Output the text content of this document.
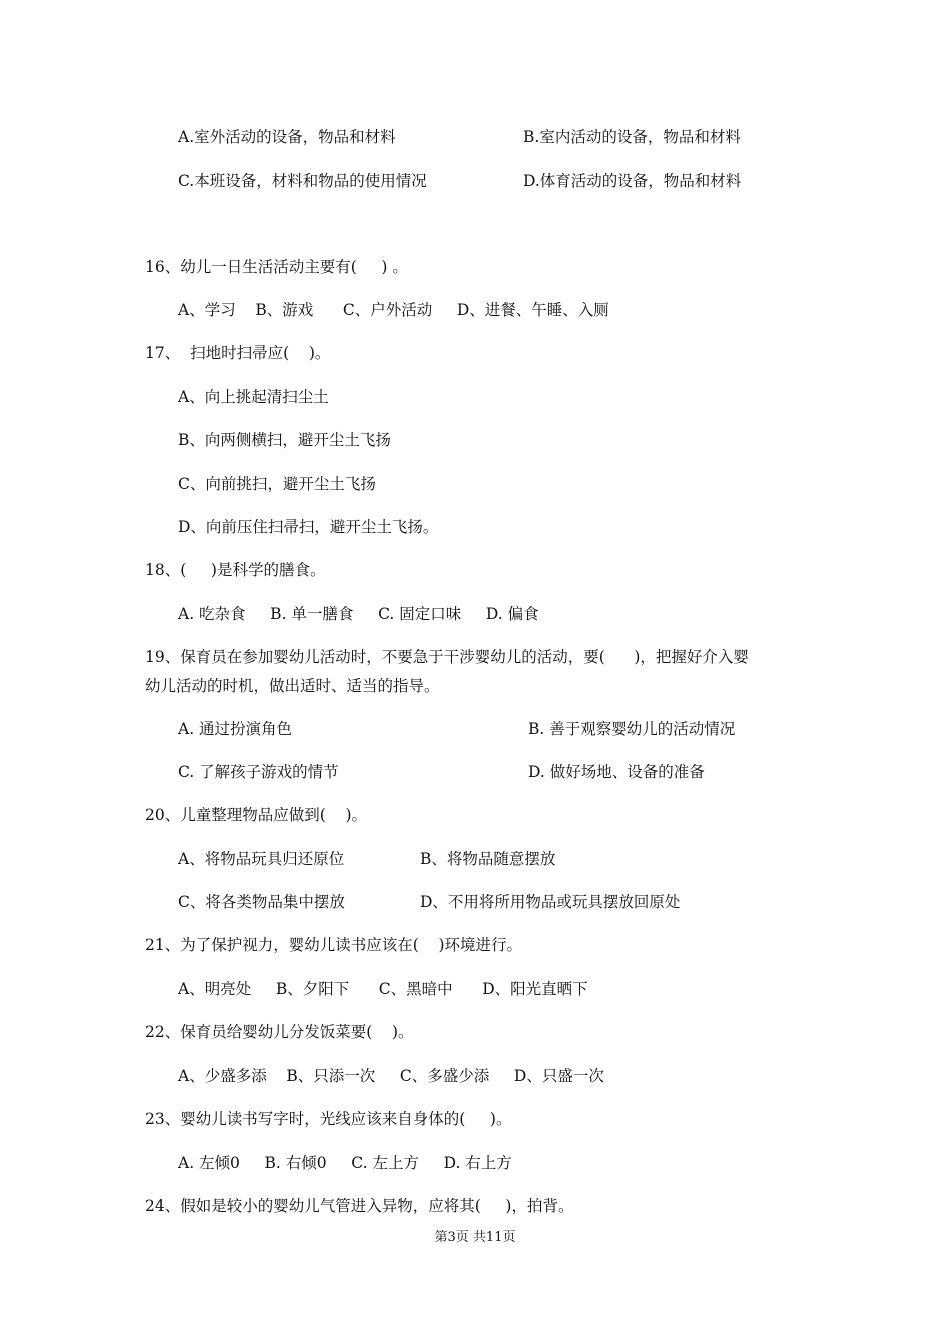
A.室外活动的设备，物品和材料	B.室内活动的设备，物品和材料
C.本班设备，材料和物品的使用情况	D.体育活动的设备，物品和材料
16、幼儿一日生活活动主要有(     ) 。
A、学习    B、游戏      C、户外活动     D、进餐、午睡、入厕
17、  扫地时扫帚应(    )。
A、向上挑起清扫尘土
B、向两侧横扫，避开尘土飞扬
C、向前挑扫，避开尘土飞扬
D、向前压住扫帚扫，避开尘土飞扬。
18、(     )是科学的膳食。
A. 吃杂食     B. 单一膳食     C. 固定口味     D. 偏食
19、保育员在参加婴幼儿活动时，不要急于干涉婴幼儿的活动，要(      )，把握好介入婴
幼儿活动的时机，做出适时、适当的指导。
A. 通过扮演角色	B. 善于观察婴幼儿的活动情况
C. 了解孩子游戏的情节	D. 做好场地、设备的准备
20、儿童整理物品应做到(    )。
A、将物品玩具归还原位	B、将物品随意摆放
C、将各类物品集中摆放	D、不用将所用物品或玩具摆放回原处
21、为了保护视力，婴幼儿读书应该在(    )环境进行。
A、明亮处     B、夕阳下      C、黑暗中      D、阳光直晒下
22、保育员给婴幼儿分发饭菜要(    )。
A、少盛多添    B、只添一次     C、多盛少添     D、只盛一次
23、婴幼儿读书写字时，光线应该来自身体的(     )。
A. 左倾0     B. 右倾0     C. 左上方     D. 右上方
24、假如是较小的婴幼儿气管进入异物，应将其(     )，拍背。
第3页 共11页
